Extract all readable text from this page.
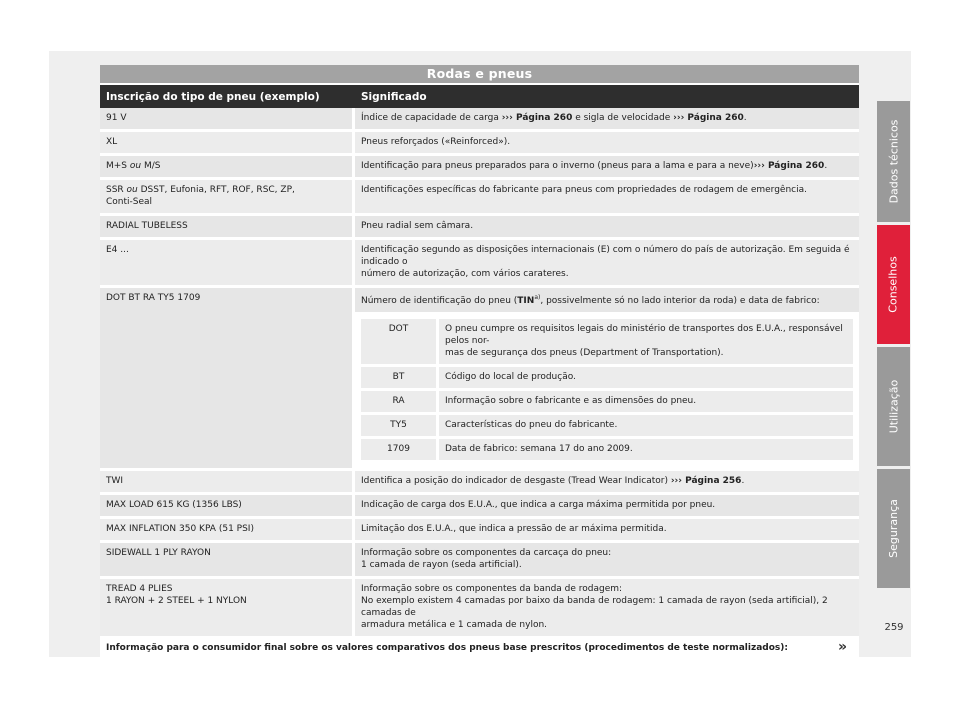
Rodas e pneus
Inscrição do tipo de pneu (exemplo)	Significado
91 V	Índice de capacidade de carga ››› Página 260 e sigla de velocidade ››› Página 260.
XL	Pneus reforçados («Reinforced»).
M+S ou M/S	Identificação para pneus preparados para o inverno (pneus para a lama e para a neve)››› Página 260.
SSR ou DSST, Eufonia, RFT, ROF, RSC, ZP,
Conti-Seal	Identificações específicas do fabricante para pneus com propriedades de rodagem de emergência.
RADIAL TUBELESS	Pneu radial sem câmara.
E4 ...	Identificação segundo as disposições internacionais (E) com o número do país de autorização. Em seguida é indicado o
número de autorização, com vários carateres.
DOT BT RA TY5 1709	Número de identificação do pneu (TIN$^{a)}$, possivelmente só no lado interior da roda) e data de fabrico:

DOT	O pneu cumpre os requisitos legais do ministério de transportes dos E.U.A., responsável pelos nor-
mas de segurança dos pneus (Department of Transportation).
BT	Código do local de produção.
RA	Informação sobre o fabricante e as dimensões do pneu.
TY5	Características do pneu do fabricante.
1709	Data de fabrico: semana 17 do ano 2009.

TWI	Identifica a posição do indicador de desgaste (Tread Wear Indicator) ››› Página 256.
MAX LOAD 615 KG (1356 LBS)	Indicação de carga dos E.U.A., que indica a carga máxima permitida por pneu.
MAX INFLATION 350 KPA (51 PSI)	Limitação dos E.U.A., que indica a pressão de ar máxima permitida.
SIDEWALL 1 PLY RAYON	Informação sobre os componentes da carcaça do pneu:
1 camada de rayon (seda artificial).
TREAD 4 PLIES
1 RAYON + 2 STEEL + 1 NYLON	Informação sobre os componentes da banda de rodagem:
No exemplo existem 4 camadas por baixo da banda de rodagem: 1 camada de rayon (seda artificial), 2 camadas de
armadura metálica e 1 camada de nylon.
Informação para o consumidor final sobre os valores comparativos dos pneus base prescritos (procedimentos de teste normalizados):	»
Dados técnicos
Conselhos
Utilização
Segurança
259
